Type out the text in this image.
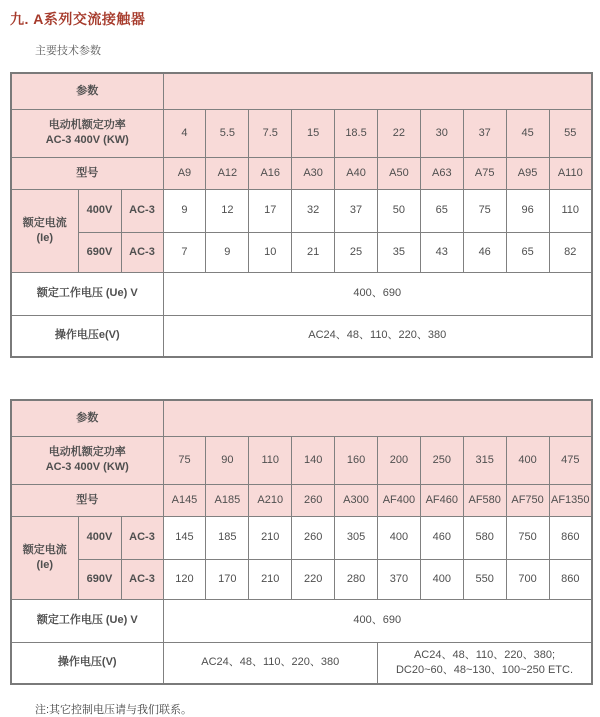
九. A系列交流接触器
主要技术参数
参数												

电动机额定功率
AC-3 400V (KW)			4	5.5	7.5	15	18.5	22	30	37	45	55
型号			A9	A12	A16	A30	A40	A50	A63	A75	A95	A110

额定电流
(Ie)	400V	AC-3	9	12	17	32	37	50	65	75	96	110
	690V	AC-3	7	9	10	21	25	35	43	46	65	82
额定工作电压 (Ue) V			400、690									
操作电压e(V)			AC24、48、110、220、380									
参数												

电动机额定功率
AC-3 400V (KW)			75	90	110	140	160	200	250	315	400	475
型号			A145	A185	A210	260	A300	AF400	AF460	AF580	AF750	AF1350

额定电流
(Ie)	400V	AC-3	145	185	210	260	305	400	460	580	750	860
	690V	AC-3	120	170	210	220	280	370	400	550	700	860
额定工作电压 (Ue) V			400、690									
操作电压(V)			AC24、48、110、220、380					AC24、48、110、220、380;
DC20~60、48~130、100~250 ETC.				
注:其它控制电压请与我们联系。
